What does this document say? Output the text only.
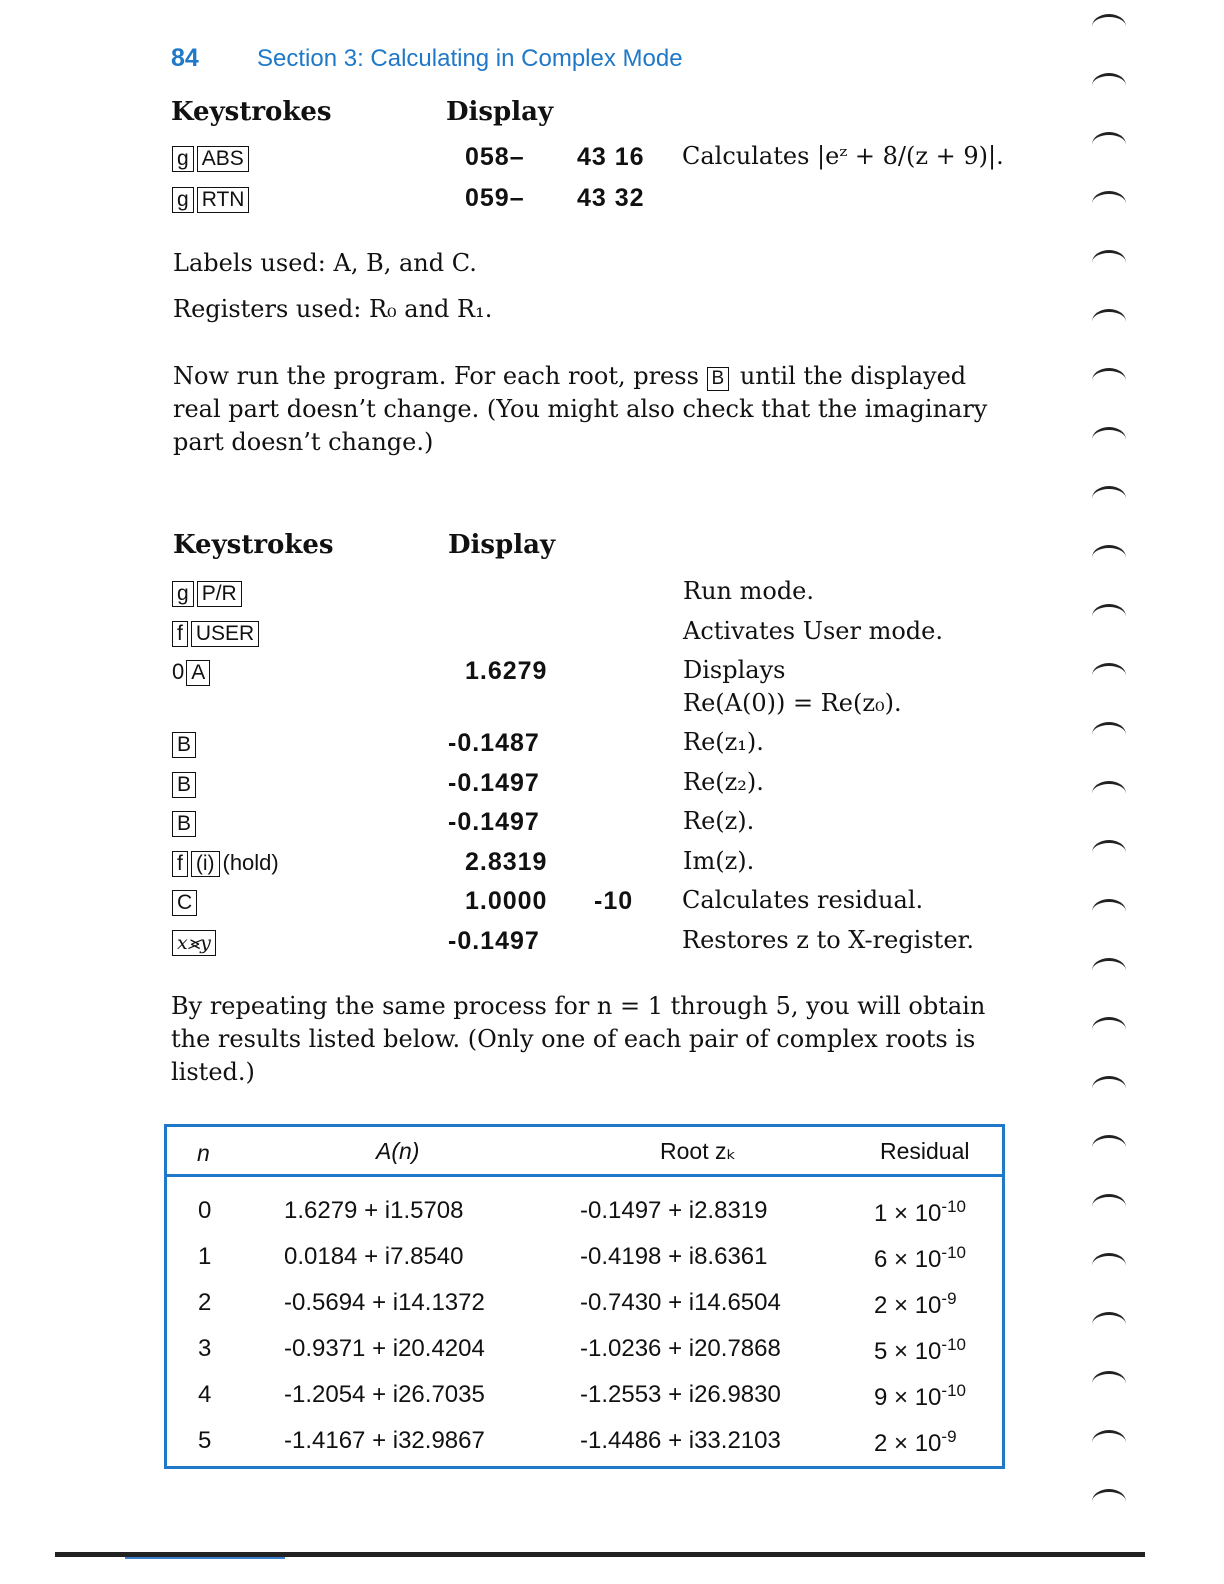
84 Section 3: Calculating in Complex Mode
Keystrokes	Display
g ABS	058– 43 16 Calculates |eᶻ + 8/(z + 9)|.
g RTN	059– 43 32
Labels used: A, B, and C.
Registers used: R₀ and R₁.
Now run the program. For each root, press B until the displayed real part doesn’t change. (You might also check that the imaginary part doesn’t change.)
Keystrokes	Display
g P/R	Run mode.
f USER	Activates User mode.
0 A	1.6279	Displays
Re(A(0)) = Re(z₀).
B	-0.1487	Re(z₁).
B	-0.1497	Re(z₂).
B	-0.1497	Re(z).
f (i) (hold)	2.8319	Im(z).
C	1.0000 -10 Calculates residual.
x⪤y	-0.1497	Restores z to X-register.
By repeating the same process for n = 1 through 5, you will obtain the results listed below. (Only one of each pair of complex roots is listed.)
n	A(n)	Root zₖ	Residual
0	1.6279 + i1.5708	-0.1497 + i2.8319	$1 \times 10^{-10}$
1	0.0184 + i7.8540	-0.4198 + i8.6361	$6 \times 10^{-10}$
2	-0.5694 + i14.1372	-0.7430 + i14.6504	$2 \times 10^{-9}$
3	-0.9371 + i20.4204	-1.0236 + i20.7868	$5 \times 10^{-10}$
4	-1.2054 + i26.7035	-1.2553 + i26.9830	$9 \times 10^{-10}$
5	-1.4167 + i32.9867	-1.4486 + i33.2103	$2 \times 10^{-9}$
